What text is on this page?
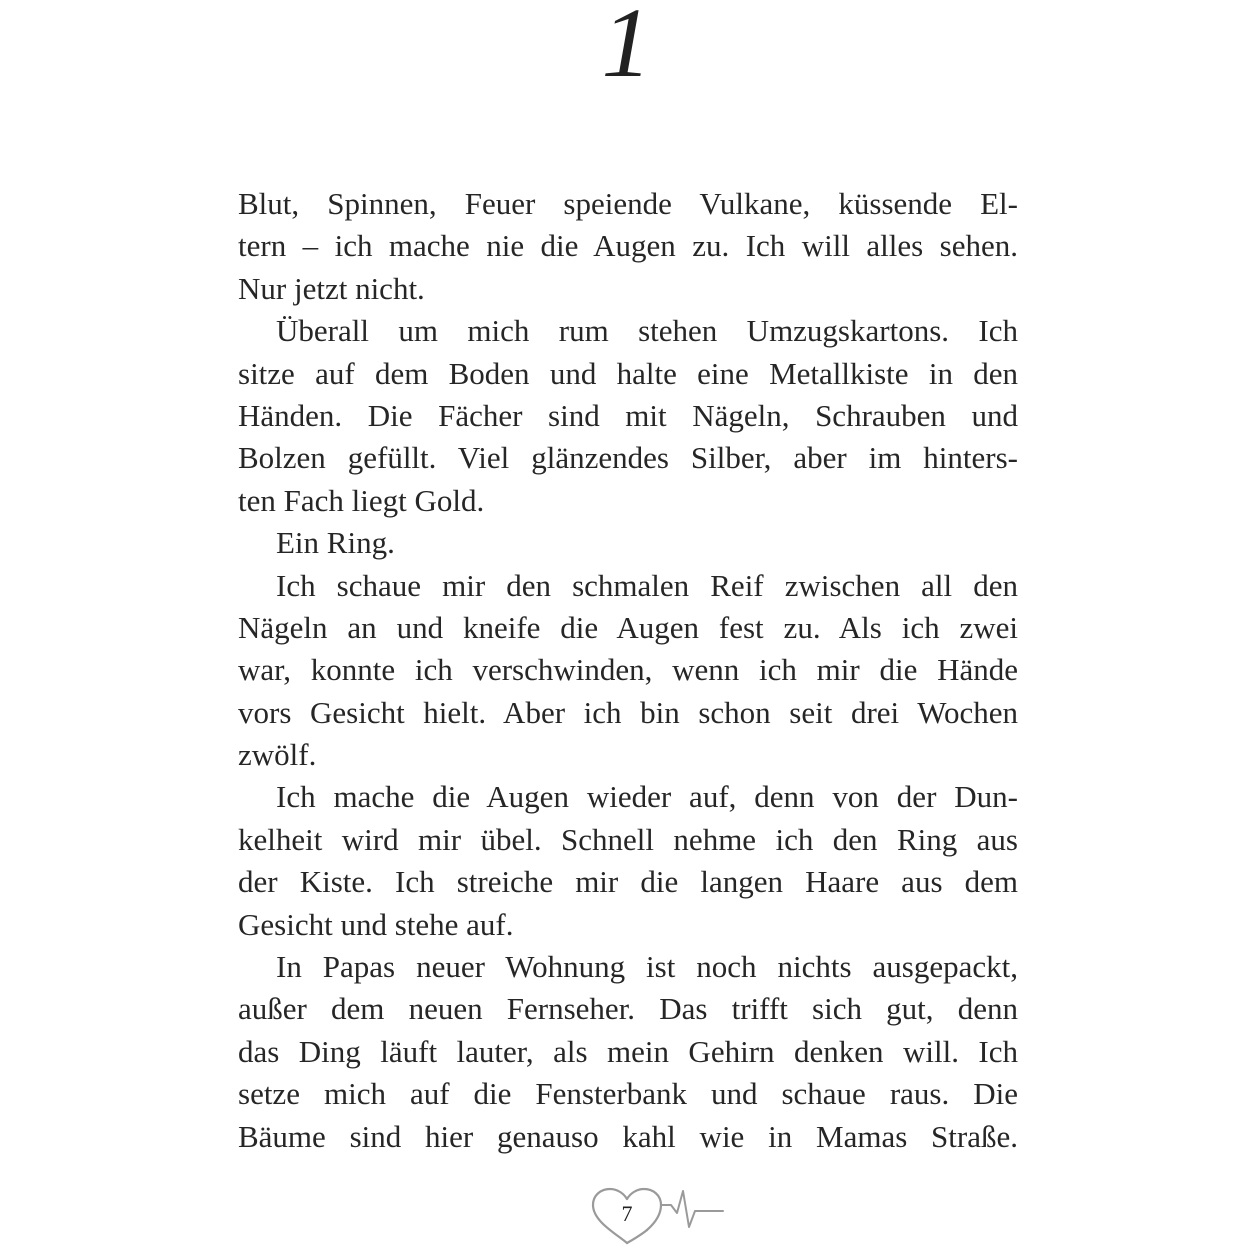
1
Blut, Spinnen, Feuer speiende Vulkane, küssende El-
tern – ich mache nie die Augen zu. Ich will alles sehen.
Nur jetzt nicht.
Überall um mich rum stehen Umzugskartons. Ich
sitze auf dem Boden und halte eine Metallkiste in den
Händen. Die Fächer sind mit Nägeln, Schrauben und
Bolzen gefüllt. Viel glänzendes Silber, aber im hinters-
ten Fach liegt Gold.
Ein Ring.
Ich schaue mir den schmalen Reif zwischen all den
Nägeln an und kneife die Augen fest zu. Als ich zwei
war, konnte ich verschwinden, wenn ich mir die Hände
vors Gesicht hielt. Aber ich bin schon seit drei Wochen
zwölf.
Ich mache die Augen wieder auf, denn von der Dun-
kelheit wird mir übel. Schnell nehme ich den Ring aus
der Kiste. Ich streiche mir die langen Haare aus dem
Gesicht und stehe auf.
In Papas neuer Wohnung ist noch nichts ausgepackt,
außer dem neuen Fernseher. Das trifft sich gut, denn
das Ding läuft lauter, als mein Gehirn denken will. Ich
setze mich auf die Fensterbank und schaue raus. Die
Bäume sind hier genauso kahl wie in Mamas Straße.
7
